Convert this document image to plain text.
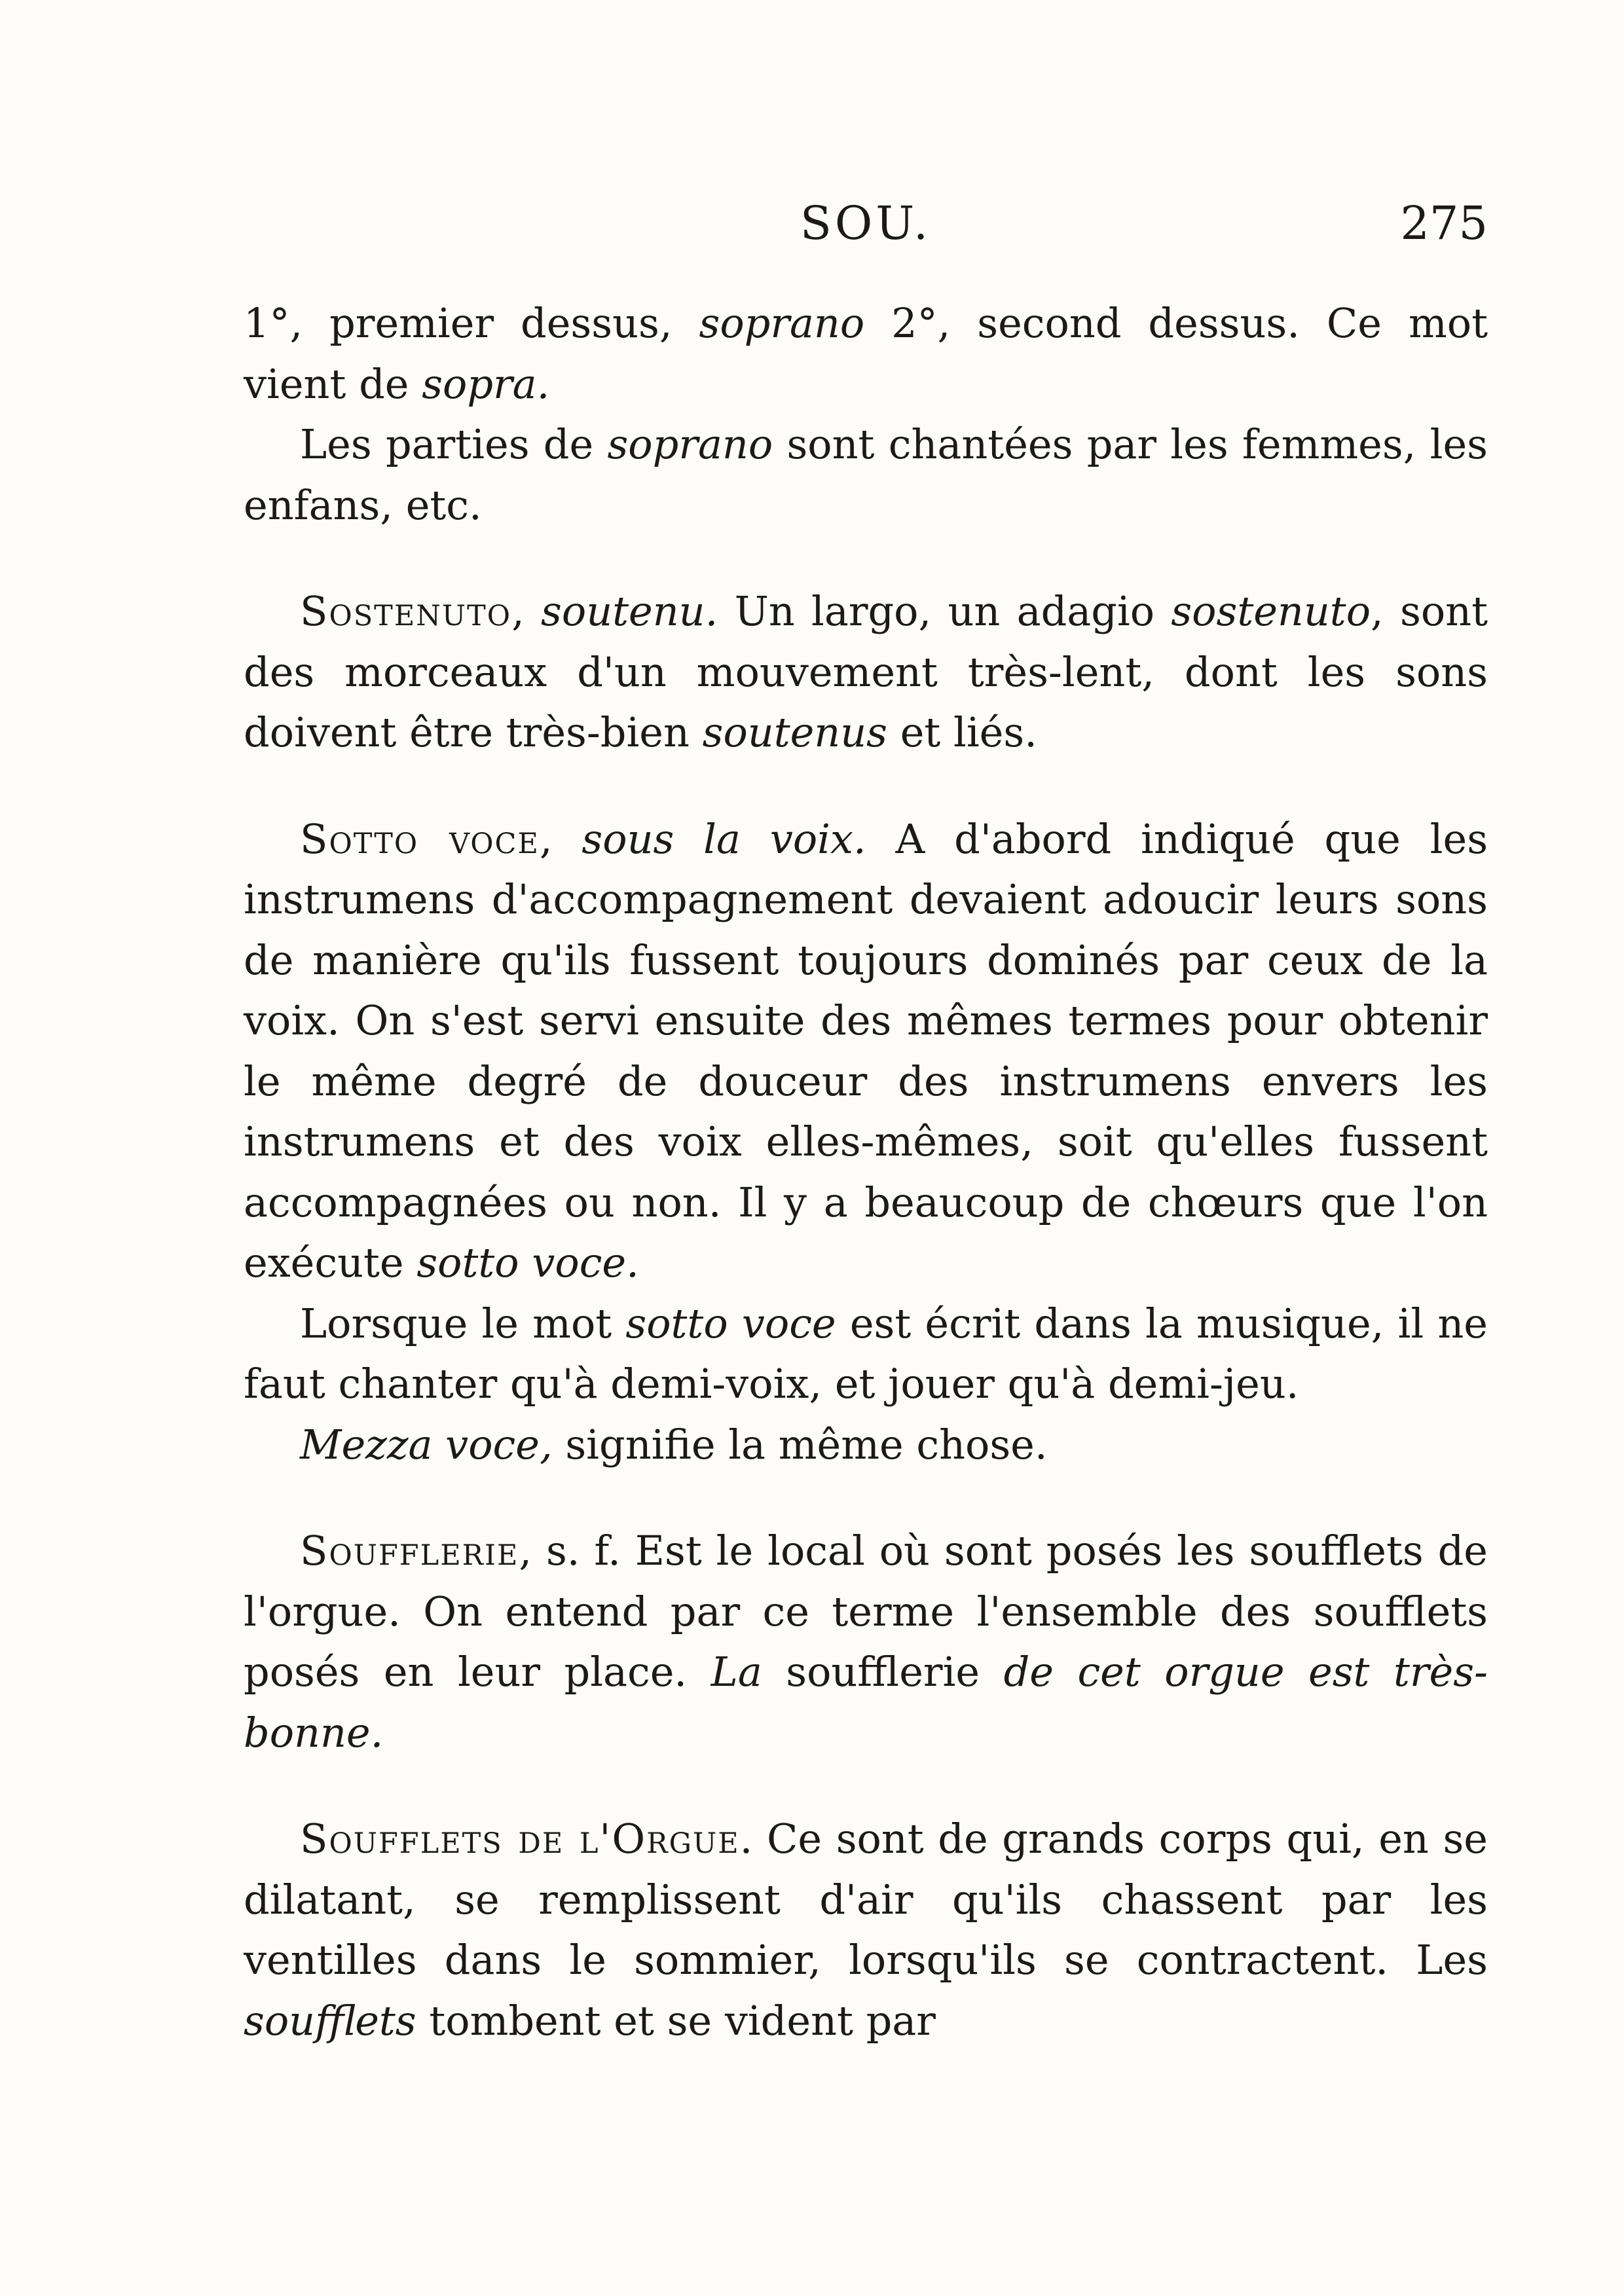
SOU.	275

1°, premier dessus, soprano 2°, second dessus. Ce mot vient de sopra.

Les parties de soprano sont chantées par les femmes, les enfans, etc.

Sostenuto, soutenu. Un largo, un adagio sostenuto, sont des morceaux d'un mouvement très-lent, dont les sons doivent être très-bien soutenus et liés.

Sotto voce, sous la voix. A d'abord indiqué que les instrumens d'accompagnement devaient adoucir leurs sons de manière qu'ils fussent toujours dominés par ceux de la voix. On s'est servi ensuite des mêmes termes pour obtenir le même degré de douceur des instrumens envers les instrumens et des voix elles-mêmes, soit qu'elles fussent accompagnées ou non. Il y a beaucoup de chœurs que l'on exécute sotto voce.

Lorsque le mot sotto voce est écrit dans la musique, il ne faut chanter qu'à demi-voix, et jouer qu'à demi-jeu.

Mezza voce, signifie la même chose.

Soufflerie, s. f. Est le local où sont posés les soufflets de l'orgue. On entend par ce terme l'ensemble des soufflets posés en leur place. La soufflerie de cet orgue est très-bonne.

Soufflets de l'Orgue. Ce sont de grands corps qui, en se dilatant, se remplissent d'air qu'ils chassent par les ventilles dans le sommier, lorsqu'ils se contractent. Les soufflets tombent et se vident par
